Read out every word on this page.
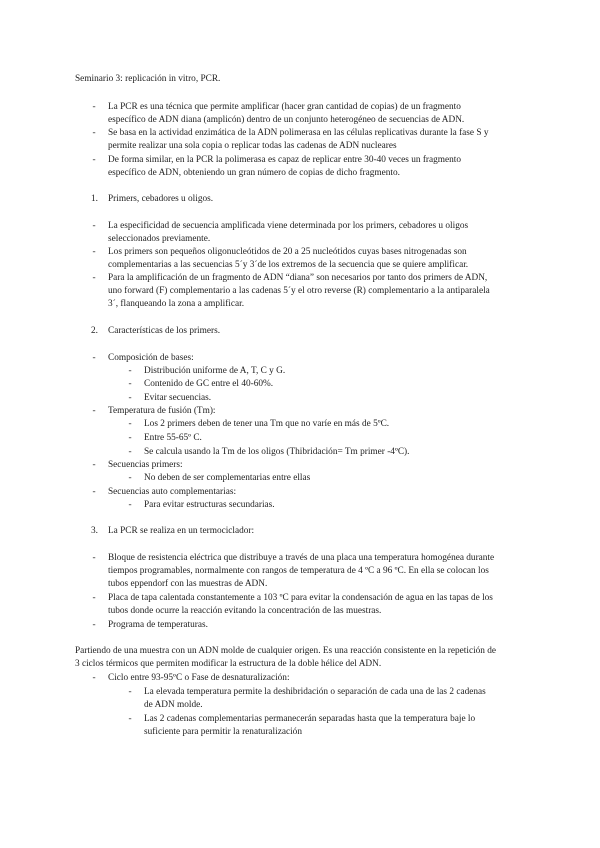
Seminario 3: replicación in vitro, PCR.
- La PCR es una técnica que permite amplificar (hacer gran cantidad de copias) de un fragmento
específico de ADN diana (amplicón) dentro de un conjunto heterogéneo de secuencias de ADN.
- Se basa en la actividad enzimática de la ADN polimerasa en las células replicativas durante la fase S y
permite realizar una sola copia o replicar todas las cadenas de ADN nucleares
- De forma similar, en la PCR la polimerasa es capaz de replicar entre 30-40 veces un fragmento
específico de ADN, obteniendo un gran número de copias de dicho fragmento.
1. Primers, cebadores u oligos.
- La especificidad de secuencia amplificada viene determinada por los primers, cebadores u oligos
seleccionados previamente.
- Los primers son pequeños oligonucleótidos de 20 a 25 nucleótidos cuyas bases nitrogenadas son
complementarias a las secuencias 5´y 3´de los extremos de la secuencia que se quiere amplificar.
- Para la amplificación de un fragmento de ADN “diana” son necesarios por tanto dos primers de ADN,
uno forward (F) complementario a las cadenas 5´y el otro reverse (R) complementario a la antiparalela
3´, flanqueando la zona a amplificar.
2. Características de los primers.
- Composición de bases:
- Distribución uniforme de A, T, C y G.
- Contenido de GC entre el 40-60%.
- Evitar secuencias.
- Temperatura de fusión (Tm):
- Los 2 primers deben de tener una Tm que no varíe en más de 5ºC.
- Entre 55-65º C.
- Se calcula usando la Tm de los oligos (Thibridación= Tm primer -4ºC).
- Secuencias primers:
- No deben de ser complementarias entre ellas
- Secuencias auto complementarias:
- Para evitar estructuras secundarias.
3. La PCR se realiza en un termociclador:
- Bloque de resistencia eléctrica que distribuye a través de una placa una temperatura homogénea durante
tiempos programables, normalmente con rangos de temperatura de 4 ºC a 96 ºC. En ella se colocan los
tubos eppendorf con las muestras de ADN.
- Placa de tapa calentada constantemente a 103 ºC para evitar la condensación de agua en las tapas de los
tubos donde ocurre la reacción evitando la concentración de las muestras.
- Programa de temperaturas.
Partiendo de una muestra con un ADN molde de cualquier origen. Es una reacción consistente en la repetición de
3 ciclos térmicos que permiten modificar la estructura de la doble hélice del ADN.
- Ciclo entre 93-95ºC o Fase de desnaturalización:
- La elevada temperatura permite la deshibridación o separación de cada una de las 2 cadenas
de ADN molde.
- Las 2 cadenas complementarias permanecerán separadas hasta que la temperatura baje lo
suficiente para permitir la renaturalización
